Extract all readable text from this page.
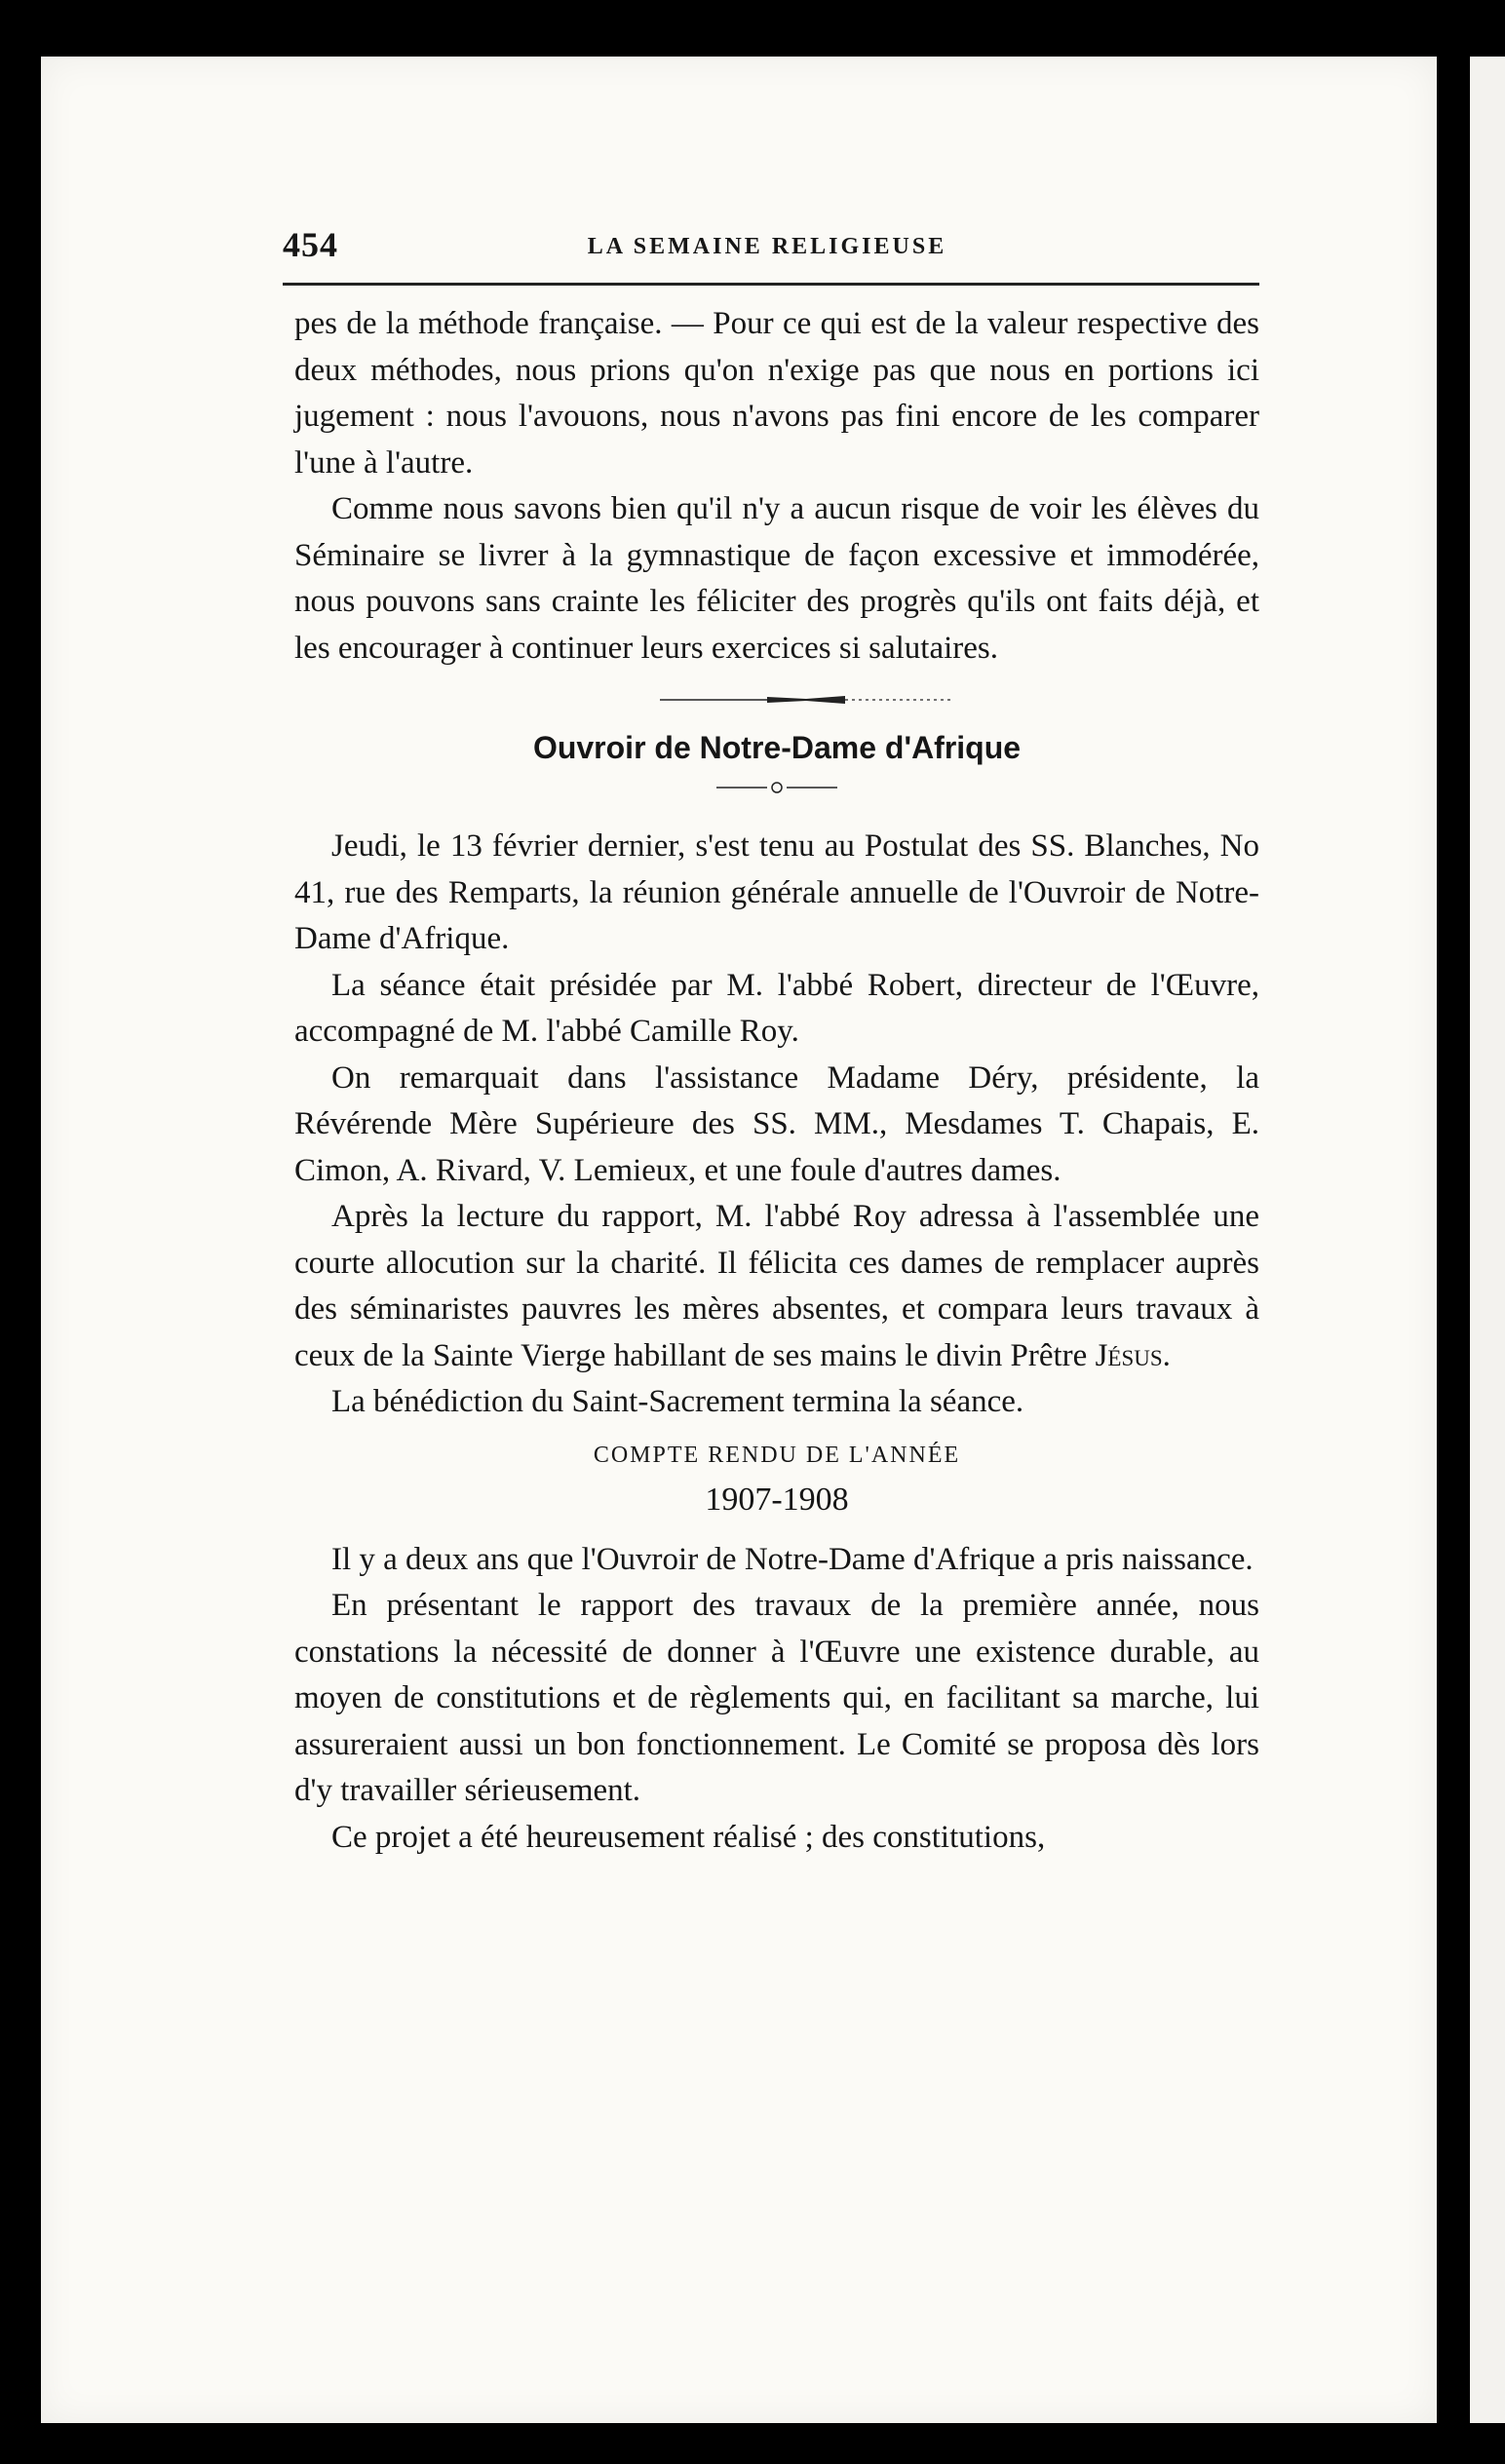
454	LA SEMAINE RELIGIEUSE

pes de la méthode française. — Pour ce qui est de la valeur respective des deux méthodes, nous prions qu'on n'exige pas que nous en portions ici jugement : nous l'avouons, nous n'avons pas fini encore de les comparer l'une à l'autre.

Comme nous savons bien qu'il n'y a aucun risque de voir les élèves du Séminaire se livrer à la gymnastique de façon excessive et immodérée, nous pouvons sans crainte les féliciter des progrès qu'ils ont faits déjà, et les encourager à continuer leurs exercices si salutaires.

Ouvroir de Notre-Dame d'Afrique

Jeudi, le 13 février dernier, s'est tenu au Postulat des SS. Blanches, No 41, rue des Remparts, la réunion générale annuelle de l'Ouvroir de Notre-Dame d'Afrique.

La séance était présidée par M. l'abbé Robert, directeur de l'Œuvre, accompagné de M. l'abbé Camille Roy.

On remarquait dans l'assistance Madame Déry, présidente, la Révérende Mère Supérieure des SS. MM., Mesdames T. Chapais, E. Cimon, A. Rivard, V. Lemieux, et une foule d'autres dames.

Après la lecture du rapport, M. l'abbé Roy adressa à l'assemblée une courte allocution sur la charité. Il félicita ces dames de remplacer auprès des séminaristes pauvres les mères absentes, et compara leurs travaux à ceux de la Sainte Vierge habillant de ses mains le divin Prêtre Jésus.

La bénédiction du Saint-Sacrement termina la séance.

COMPTE RENDU DE L'ANNÉE
1907-1908

Il y a deux ans que l'Ouvroir de Notre-Dame d'Afrique a pris naissance.

En présentant le rapport des travaux de la première année, nous constations la nécessité de donner à l'Œuvre une existence durable, au moyen de constitutions et de règlements qui, en facilitant sa marche, lui assureraient aussi un bon fonctionnement. Le Comité se proposa dès lors d'y travailler sérieusement.

Ce projet a été heureusement réalisé ; des constitutions,
